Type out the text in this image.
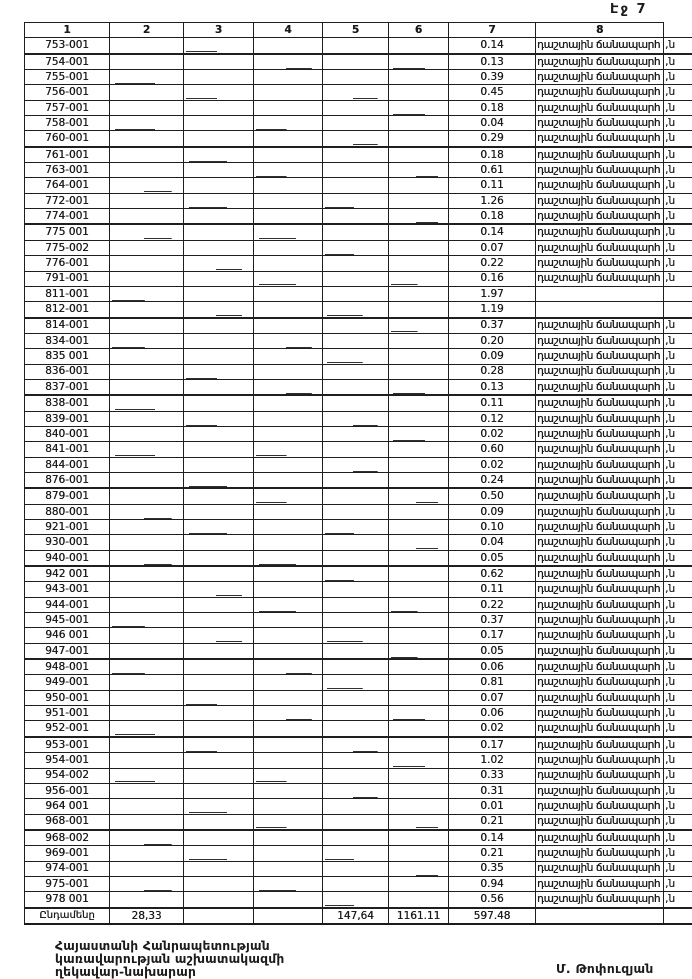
Էջ 7
1	2	3	4	5	6	7	8	
753-001						0.14	դաշտային ճանապարհ	,ն
754-001						0.13	դաշտային ճանապարհ	,ն
755-001						0.39	դաշտային ճանապարհ	,ն
756-001						0.45	դաշտային ճանապարհ	,ն
757-001						0.18	դաշտային ճանապարհ	,ն
758-001						0.04	դաշտային ճանապարհ	,ն
760-001						0.29	դաշտային ճանապարհ	,ն
761-001						0.18	դաշտային ճանապարհ	,ն
763-001						0.61	դաշտային ճանապարհ	,ն
764-001						0.11	դաշտային ճանապարհ	,ն
772-001						1.26	դաշտային ճանապարհ	,ն
774-001						0.18	դաշտային ճանապարհ	,ն
775 001						0.14	դաշտային ճանապարհ	,ն
775-002						0.07	դաշտային ճանապարհ	,ն
776-001						0.22	դաշտային ճանապարհ	,ն
791-001						0.16	դաշտային ճանապարհ	,ն
811-001						1.97		
812-001						1.19		
814-001						0.37	դաշտային ճանապարհ	,ն
834-001						0.20	դաշտային ճանապարհ	,ն
835 001						0.09	դաշտային ճանապարհ	,ն
836-001						0.28	դաշտային ճանապարհ	,ն
837-001						0.13	դաշտային ճանապարհ	,ն
838-001						0.11	դաշտային ճանապարհ	,ն
839-001						0.12	դաշտային ճանապարհ	,ն
840-001						0.02	դաշտային ճանապարհ	,ն
841-001						0.60	դաշտային ճանապարհ	,ն
844-001						0.02	դաշտային ճանապարհ	,ն
876-001						0.24	դաշտային ճանապարհ	,ն
879-001						0.50	դաշտային ճանապարհ	,ն
880-001						0.09	դաշտային ճանապարհ	,ն
921-001						0.10	դաշտային ճանապարհ	,ն
930-001						0.04	դաշտային ճանապարհ	,ն
940-001						0.05	դաշտային ճանապարհ	,ն
942 001						0.62	դաշտային ճանապարհ	,ն
943-001						0.11	դաշտային ճանապարհ	,ն
944-001						0.22	դաշտային ճանապարհ	,ն
945-001						0.37	դաշտային ճանապարհ	,ն
946 001						0.17	դաշտային ճանապարհ	,ն
947-001						0.05	դաշտային ճանապարհ	,ն
948-001						0.06	դաշտային ճանապարհ	,ն
949-001						0.81	դաշտային ճանապարհ	,ն
950-001						0.07	դաշտային ճանապարհ	,ն
951-001						0.06	դաշտային ճանապարհ	,ն
952-001						0.02	դաշտային ճանապարհ	,ն
953-001						0.17	դաշտային ճանապարհ	,ն
954-001						1.02	դաշտային ճանապարհ	,ն
954-002						0.33	դաշտային ճանապարհ	,ն
956-001						0.31	դաշտային ճանապարհ	,ն
964 001						0.01	դաշտային ճանապարհ	,ն
968-001						0.21	դաշտային ճանապարհ	,ն
968-002						0.14	դաշտային ճանապարհ	,ն
969-001						0.21	դաշտային ճանապարհ	,ն
974-001						0.35	դաշտային ճանապարհ	,ն
975-001						0.94	դաշտային ճանապարհ	,ն
978 001						0.56	դաշտային ճանապարհ	,ն
Ընդամենը	28,33			147,64	1161.11	597.48		
Հայաստանի Հանրապետության
կառավարության աշխատակազմի
ղեկավար-նախարար	Մ. Թոփուզյան
